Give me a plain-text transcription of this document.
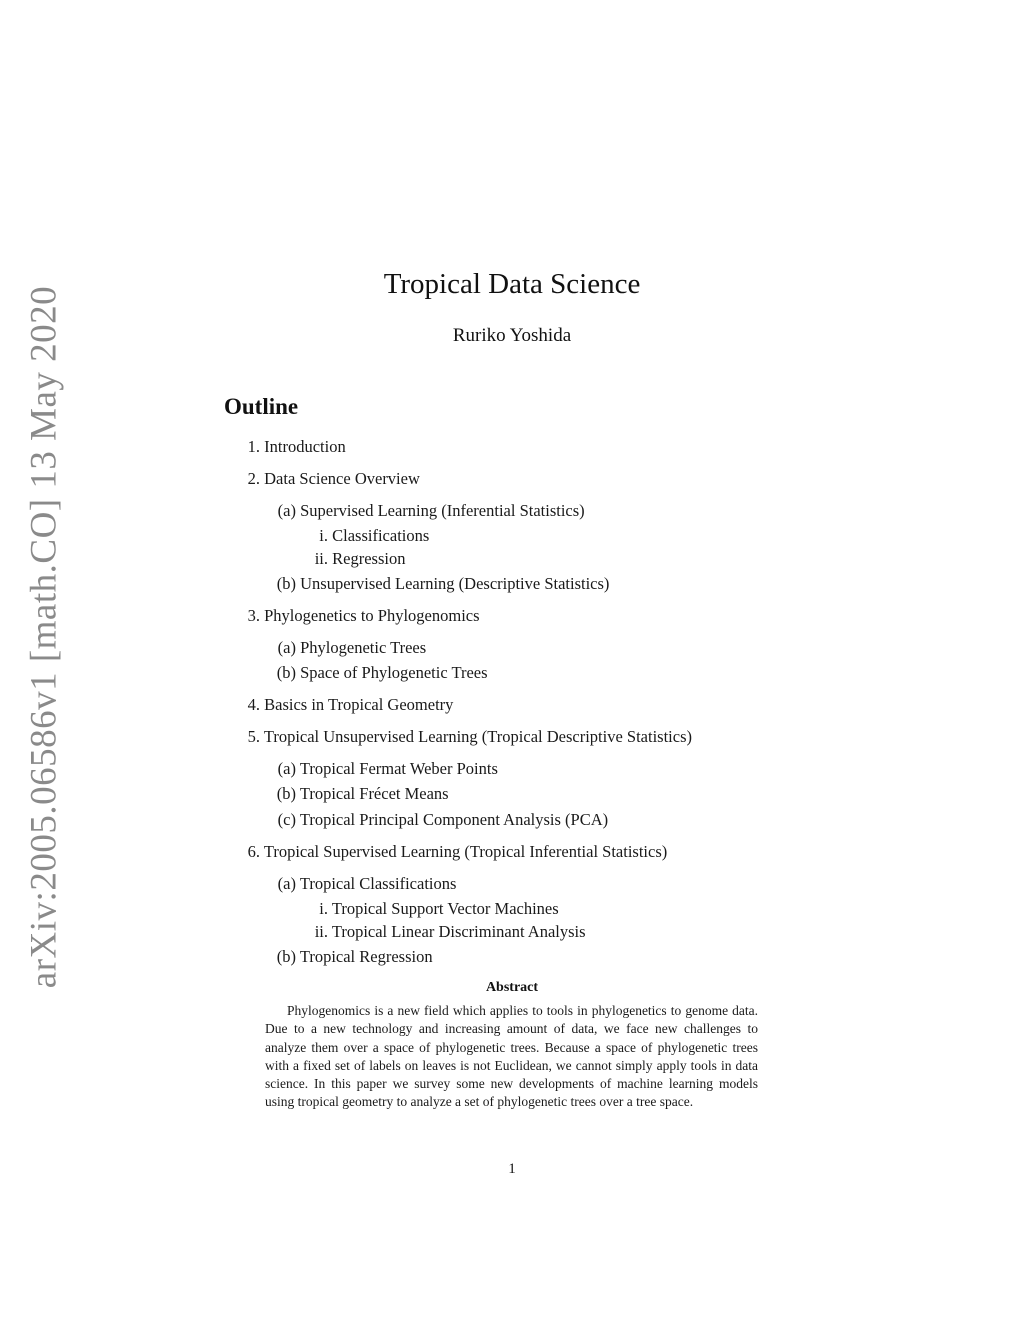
arXiv:2005.06586v1 [math.CO] 13 May 2020
Tropical Data Science
Ruriko Yoshida
Outline
1. Introduction
2. Data Science Overview
(a) Supervised Learning (Inferential Statistics)
i. Classifications
ii. Regression
(b) Unsupervised Learning (Descriptive Statistics)
3. Phylogenetics to Phylogenomics
(a) Phylogenetic Trees
(b) Space of Phylogenetic Trees
4. Basics in Tropical Geometry
5. Tropical Unsupervised Learning (Tropical Descriptive Statistics)
(a) Tropical Fermat Weber Points
(b) Tropical Frécet Means
(c) Tropical Principal Component Analysis (PCA)
6. Tropical Supervised Learning (Tropical Inferential Statistics)
(a) Tropical Classifications
i. Tropical Support Vector Machines
ii. Tropical Linear Discriminant Analysis
(b) Tropical Regression
Abstract
Phylogenomics is a new field which applies to tools in phylogenetics to genome data. Due to a new technology and increasing amount of data, we face new challenges to analyze them over a space of phylogenetic trees. Because a space of phylogenetic trees with a fixed set of labels on leaves is not Euclidean, we cannot simply apply tools in data science. In this paper we survey some new developments of machine learning models using tropical geometry to analyze a set of phylogenetic trees over a tree space.
1
